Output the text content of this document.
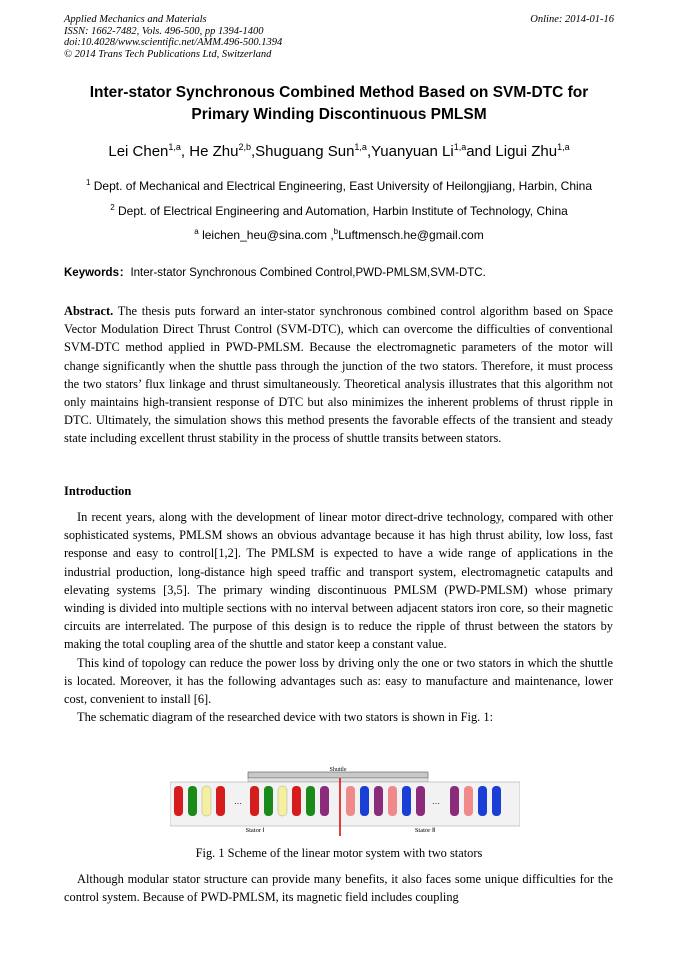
Applied Mechanics and Materials
ISSN: 1662-7482, Vols. 496-500, pp 1394-1400
doi:10.4028/www.scientific.net/AMM.496-500.1394
© 2014 Trans Tech Publications Ltd, Switzerland
Online: 2014-01-16
Inter-stator Synchronous Combined Method Based on SVM-DTC for
Primary Winding Discontinuous PMLSM
Lei Chen$^{1,a}$, He Zhu$^{2,b}$,Shuguang Sun$^{1,a}$,Yuanyuan Li$^{1,a}$and Ligui Zhu$^{1,a}$
$^1$ Dept. of Mechanical and Electrical Engineering, East University of Heilongjiang, Harbin, China
$^2$ Dept. of Electrical Engineering and Automation, Harbin Institute of Technology, China
$^a$ leichen_heu@sina.com ,$^b$Luftmensch.he@gmail.com
Keywords：Inter-stator Synchronous Combined Control,PWD-PMLSM,SVM-DTC.

Abstract. The thesis puts forward an inter-stator synchronous combined control algorithm based on Space Vector Modulation Direct Thrust Control (SVM-DTC), which can overcome the difficulties of conventional SVM-DTC method applied in PWD-PMLSM. Because the electromagnetic parameters of the motor will change significantly when the shuttle pass through the junction of the two stators. Therefore, it must process the two stators’ flux linkage and thrust simultaneously. Theoretical analysis illustrates that this algorithm not only maintains high-transient response of DTC but also minimizes the inherent problems of thrust ripple in DTC. Ultimately, the simulation shows this method presents the favorable effects of the transient and steady state including excellent thrust stability in the process of shuttle transits between stators.

Introduction

In recent years, along with the development of linear motor direct-drive technology, compared with other sophisticated systems, PMLSM shows an obvious advantage because it has high thrust ability, low loss, fast response and easy to control[1,2]. The PMLSM is expected to have a wide range of applications in the industrial production, long-distance high speed traffic and transport system, electromagnetic catapults and elevating systems [3,5]. The primary winding discontinuous PMLSM (PWD-PMLSM) whose primary winding is divided into multiple sections with no interval between adjacent stators iron core, so their magnetic circuits are interrelated. The purpose of this design is to reduce the ripple of thrust between the stators by making the total coupling area of the shuttle and stator keep a constant value.

This kind of topology can reduce the power loss by driving only the one or two stators in which the shuttle is located. Moreover, it has the following advantages such as: easy to manufacture and maintenance, lower cost, convenient to install [6].

The schematic diagram of the researched device with two stators is shown in Fig. 1:

Shuttle
…	…
Stator Ⅰ	Stator Ⅱ
Fig. 1 Scheme of the linear motor system with two stators

Although modular stator structure can provide many benefits, it also faces some unique difficulties for the control system. Because of PWD-PMLSM, its magnetic field includes coupling
